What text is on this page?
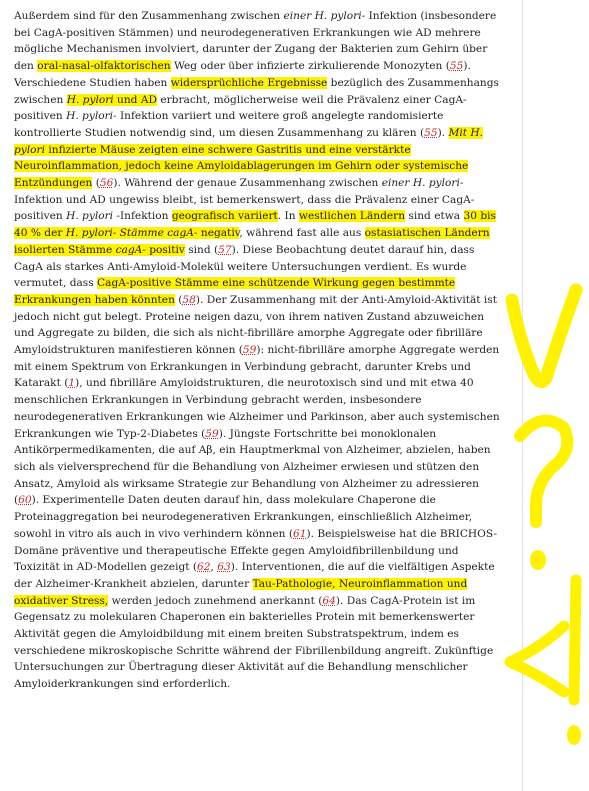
Außerdem sind für den Zusammenhang zwischen einer H. pylori- Infektion (insbesondere bei CagA-positiven Stämmen) und neurodegenerativen Erkrankungen wie AD mehrere mögliche Mechanismen involviert, darunter der Zugang der Bakterien zum Gehirn über den oral-nasal-olfaktorischen Weg oder über infizierte zirkulierende Monozyten (55). Verschiedene Studien haben widersprüchliche Ergebnisse bezüglich des Zusammenhangs zwischen H. pylori und AD erbracht, möglicherweise weil die Prävalenz einer CagA-positiven H. pylori- Infektion variiert und weitere groß angelegte randomisierte kontrollierte Studien notwendig sind, um diesen Zusammenhang zu klären (55). Mit H. pylori infizierte Mäuse zeigten eine schwere Gastritis und eine verstärkte Neuroinflammation, jedoch keine Amyloidablagerungen im Gehirn oder systemische Entzündungen (56). Während der genaue Zusammenhang zwischen einer H. pylori- Infektion und AD ungewiss bleibt, ist bemerkenswert, dass die Prävalenz einer CagA-positiven H. pylori -Infektion geografisch variiert. In westlichen Ländern sind etwa 30 bis 40 % der H. pylori- Stämme cagA- negativ, während fast alle aus ostasiatischen Ländern isolierten Stämme cagA- positiv sind (57). Diese Beobachtung deutet darauf hin, dass CagA als starkes Anti-Amyloid-Molekül weitere Untersuchungen verdient. Es wurde vermutet, dass CagA-positive Stämme eine schützende Wirkung gegen bestimmte Erkrankungen haben könnten (58). Der Zusammenhang mit der Anti-Amyloid-Aktivität ist jedoch nicht gut belegt. Proteine neigen dazu, von ihrem nativen Zustand abzuweichen und Aggregate zu bilden, die sich als nicht-fibrilläre amorphe Aggregate oder fibrilläre Amyloidstrukturen manifestieren können (59): nicht-fibrilläre amorphe Aggregate werden mit einem Spektrum von Erkrankungen in Verbindung gebracht, darunter Krebs und Katarakt (1), und fibrilläre Amyloidstrukturen, die neurotoxisch sind und mit etwa 40 menschlichen Erkrankungen in Verbindung gebracht werden, insbesondere neurodegenerativen Erkrankungen wie Alzheimer und Parkinson, aber auch systemischen Erkrankungen wie Typ-2-Diabetes (59). Jüngste Fortschritte bei monoklonalen Antikörpermedikamenten, die auf Aβ, ein Hauptmerkmal von Alzheimer, abzielen, haben sich als vielversprechend für die Behandlung von Alzheimer erwiesen und stützen den Ansatz, Amyloid als wirksame Strategie zur Behandlung von Alzheimer zu adressieren (60). Experimentelle Daten deuten darauf hin, dass molekulare Chaperone die Proteinaggregation bei neurodegenerativen Erkrankungen, einschließlich Alzheimer, sowohl in vitro als auch in vivo verhindern können (61). Beispielsweise hat die BRICHOS-Domäne präventive und therapeutische Effekte gegen Amyloidfibrillenbildung und Toxizität in AD-Modellen gezeigt (62, 63). Interventionen, die auf die vielfältigen Aspekte der Alzheimer-Krankheit abzielen, darunter Tau-Pathologie, Neuroinflammation und oxidativer Stress, werden jedoch zunehmend anerkannt (64). Das CagA-Protein ist im Gegensatz zu molekularen Chaperonen ein bakterielles Protein mit bemerkenswerter Aktivität gegen die Amyloidbildung mit einem breiten Substratspektrum, indem es verschiedene mikroskopische Schritte während der Fibrillenbildung angreift. Zukünftige Untersuchungen zur Übertragung dieser Aktivität auf die Behandlung menschlicher Amyloiderkrankungen sind erforderlich.
